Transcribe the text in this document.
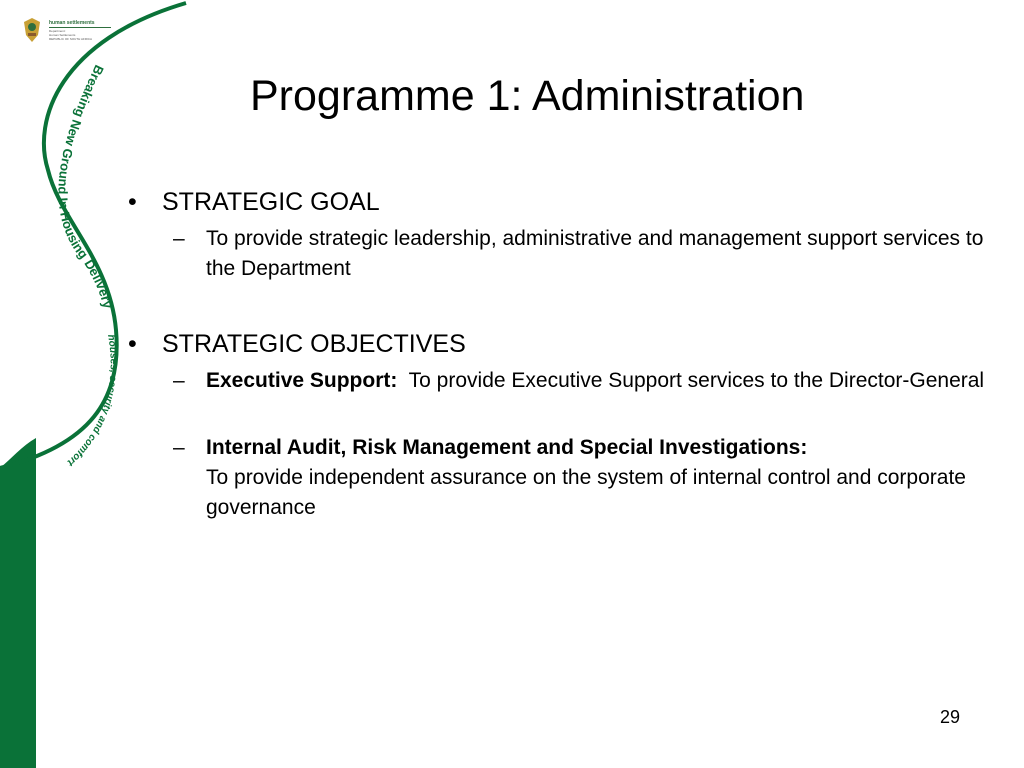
Breaking New Ground In Housing Delivery
houses, security and comfort
human settlements
Department:
Human Settlements
REPUBLIC OF SOUTH AFRICA
Programme 1: Administration
• STRATEGIC GOAL
– To provide strategic leadership, administrative and management support services to the Department
• STRATEGIC OBJECTIVES
– Executive Support: To provide Executive Support services to the Director-General
– Internal Audit, Risk Management and Special Investigations:
To provide independent assurance on the system of internal control and corporate governance
29
